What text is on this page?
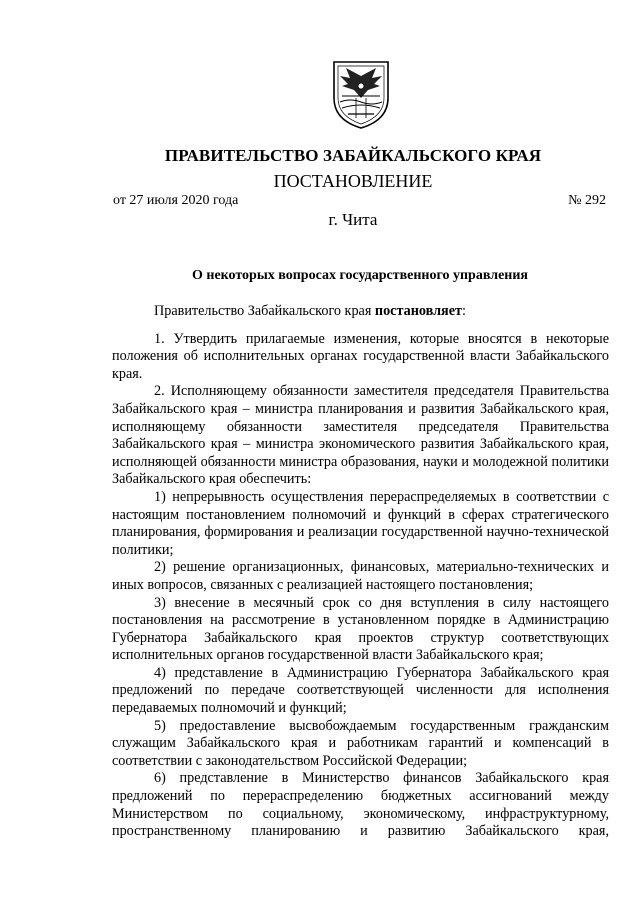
ПРАВИТЕЛЬСТВО ЗАБАЙКАЛЬСКОГО КРАЯ
ПОСТАНОВЛЕНИЕ
от 27 июля 2020 года	№ 292
г. Чита
О некоторых вопросах государственного управления

Правительство Забайкальского края постановляет:

1. Утвердить прилагаемые изменения, которые вносятся в некоторые положения об исполнительных органах государственной власти Забайкальского края.

2. Исполняющему обязанности заместителя председателя Правительства Забайкальского края – министра планирования и развития Забайкальского края, исполняющему обязанности заместителя председателя Правительства Забайкальского края – министра экономического развития Забайкальского края, исполняющей обязанности министра образования, науки и молодежной политики Забайкальского края обеспечить:

1) непрерывность осуществления перераспределяемых в соответствии с настоящим постановлением полномочий и функций в сферах стратегического планирования, формирования и реализации государственной научно-технической политики;

2) решение организационных, финансовых, материально-технических и иных вопросов, связанных с реализацией настоящего постановления;

3) внесение в месячный срок со дня вступления в силу настоящего постановления на рассмотрение в установленном порядке в Администрацию Губернатора Забайкальского края проектов структур соответствующих исполнительных органов государственной власти Забайкальского края;

4) представление в Администрацию Губернатора Забайкальского края предложений по передаче соответствующей численности для исполнения передаваемых полномочий и функций;

5) предоставление высвобождаемым государственным гражданским служащим Забайкальского края и работникам гарантий и компенсаций в соответствии с законодательством Российской Федерации;

6) представление в Министерство финансов Забайкальского края предложений по перераспределению бюджетных ассигнований между Министерством по социальному, экономическому, инфраструктурному, пространственному планированию и развитию Забайкальского края,
